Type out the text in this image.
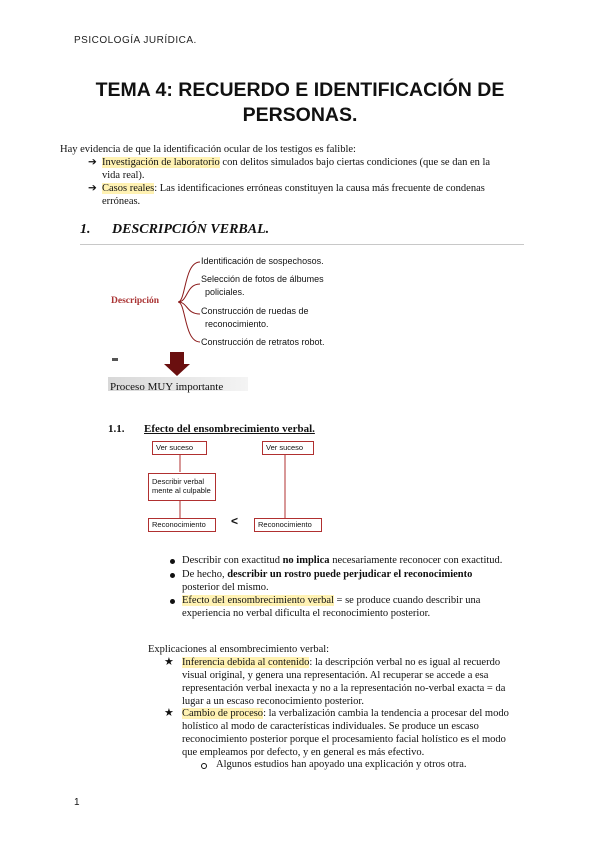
PSICOLOGÍA JURÍDICA.
TEMA 4: RECUERDO E IDENTIFICACIÓN DE
PERSONAS.
Hay evidencia de que la identificación ocular de los testigos es falible:
➔ Investigación de laboratorio con delitos simulados bajo ciertas condiciones (que se dan en la
vida real).
➔ Casos reales: Las identificaciones erróneas constituyen la causa más frecuente de condenas
erróneas.
1. DESCRIPCIÓN VERBAL.
Descripción
Identificación de sospechosos.
Selección de fotos de álbumes
policiales.
Construcción de ruedas de
reconocimiento.
Construcción de retratos robot.
Proceso MUY importante
1.1. Efecto del ensombrecimiento verbal.
Ver suceso
Describir verbal
mente al culpable
Reconocimiento	<
Ver suceso
Reconocimiento
Describir con exactitud no implica necesariamente reconocer con exactitud.
De hecho, describir un rostro puede perjudicar el reconocimiento
posterior del mismo.
Efecto del ensombrecimiento verbal = se produce cuando describir una
experiencia no verbal dificulta el reconocimiento posterior.
Explicaciones al ensombrecimiento verbal:
★ Inferencia debida al contenido: la descripción verbal no es igual al recuerdo
visual original, y genera una representación. Al recuperar se accede a esa
representación verbal inexacta y no a la representación no-verbal exacta = da
lugar a un escaso reconocimiento posterior.
★ Cambio de proceso: la verbalización cambia la tendencia a procesar del modo
holístico al modo de características individuales. Se produce un escaso
reconocimiento posterior porque el procesamiento facial holístico es el modo
que empleamos por defecto, y en general es más efectivo.
Algunos estudios han apoyado una explicación y otros otra.
1
